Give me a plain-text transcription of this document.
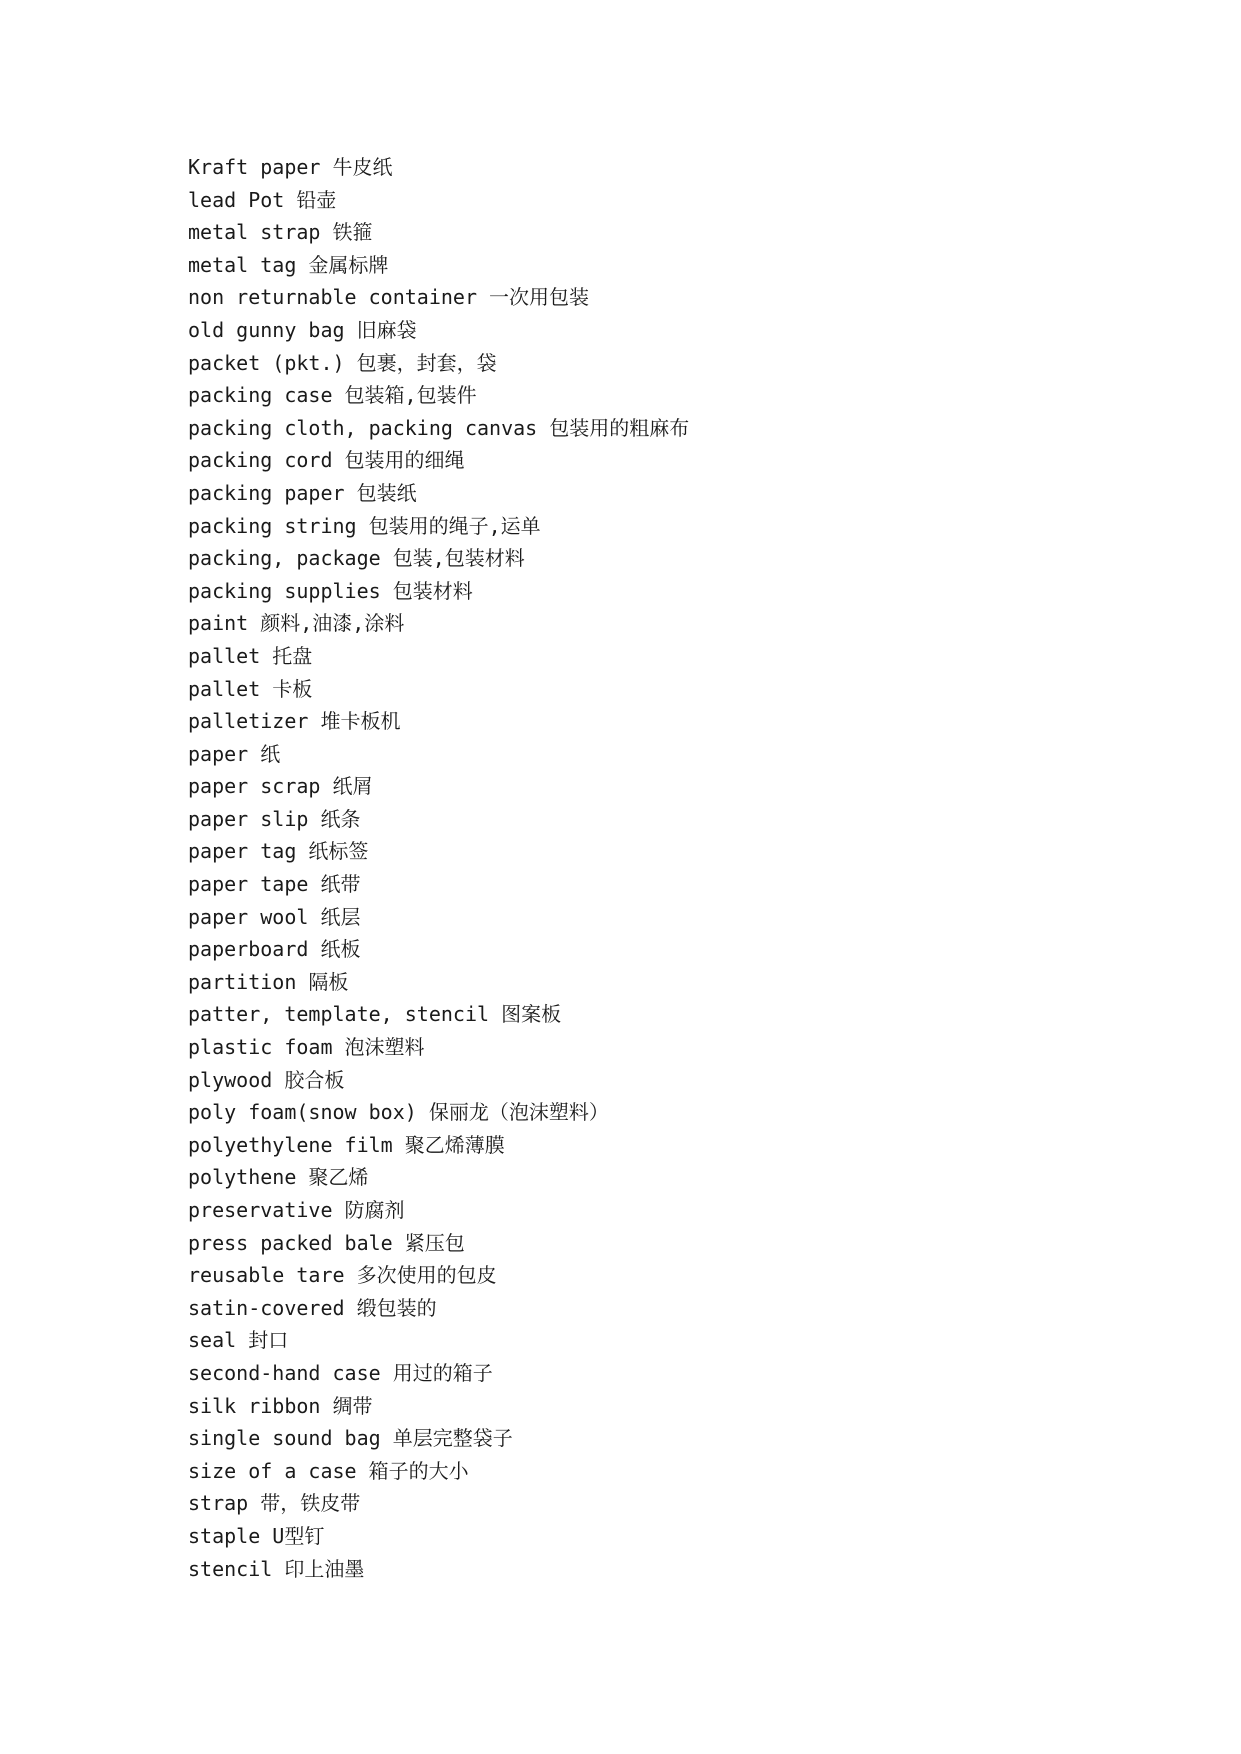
Kraft paper 牛皮纸
lead Pot 铅壶
metal strap 铁箍
metal tag 金属标牌
non returnable container 一次用包装
old gunny bag 旧麻袋
packet (pkt.) 包裹，封套，袋
packing case 包装箱,包装件
packing cloth, packing canvas 包装用的粗麻布
packing cord 包装用的细绳
packing paper 包装纸
packing string 包装用的绳子,运单
packing, package 包装,包装材料
packing supplies 包装材料
paint 颜料,油漆,涂料
pallet 托盘
pallet 卡板
palletizer 堆卡板机
paper 纸
paper scrap 纸屑
paper slip 纸条
paper tag 纸标签
paper tape 纸带
paper wool 纸层
paperboard 纸板
partition 隔板
patter, template, stencil 图案板
plastic foam 泡沫塑料
plywood 胶合板
poly foam(snow box) 保丽龙（泡沫塑料）
polyethylene film 聚乙烯薄膜
polythene 聚乙烯
preservative 防腐剂
press packed bale 紧压包
reusable tare 多次使用的包皮
satin-covered 缎包装的
seal 封口
second-hand case 用过的箱子
silk ribbon 绸带
single sound bag 单层完整袋子
size of a case 箱子的大小
strap 带，铁皮带
staple U型钉
stencil 印上油墨
